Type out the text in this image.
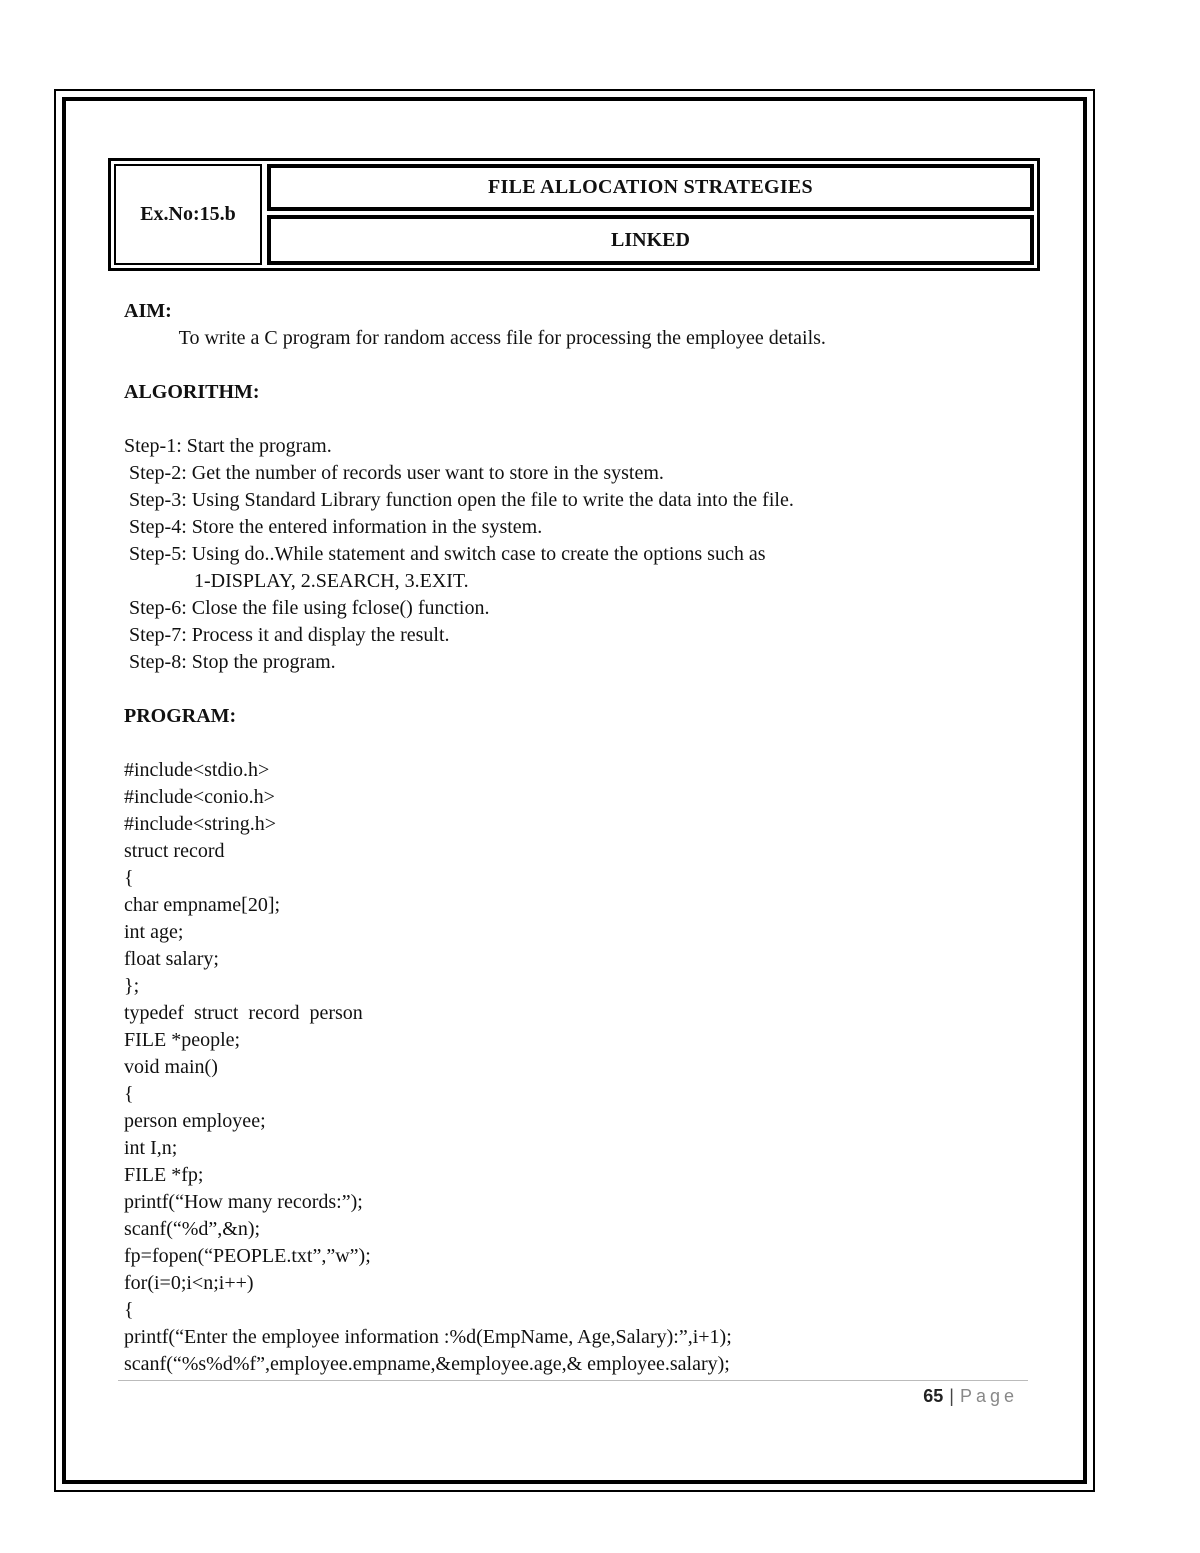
Ex.No:15.b
FILE ALLOCATION STRATEGIES
LINKED
AIM:
To write a C program for random access file for processing the employee details.
ALGORITHM:
Step-1: Start the program.
Step-2: Get the number of records user want to store in the system.
Step-3: Using Standard Library function open the file to write the data into the file.
Step-4: Store the entered information in the system.
Step-5: Using do..While statement and switch case to create the options such as
1-DISPLAY, 2.SEARCH, 3.EXIT.
Step-6: Close the file using fclose() function.
Step-7: Process it and display the result.
Step-8: Stop the program.
PROGRAM:
#include<stdio.h>
#include<conio.h>
#include<string.h>
struct record
{
char empname[20];
int age;
float salary;
};
typedef  struct  record  person
FILE *people;
void main()
{
person employee;
int I,n;
FILE *fp;
printf(“How many records:”);
scanf(“%d”,&n);
fp=fopen(“PEOPLE.txt”,”w”);
for(i=0;i<n;i++)
{
printf(“Enter the employee information :%d(EmpName, Age,Salary):”,i+1);
scanf(“%s%d%f”,employee.empname,&employee.age,& employee.salary);
65 | Page
